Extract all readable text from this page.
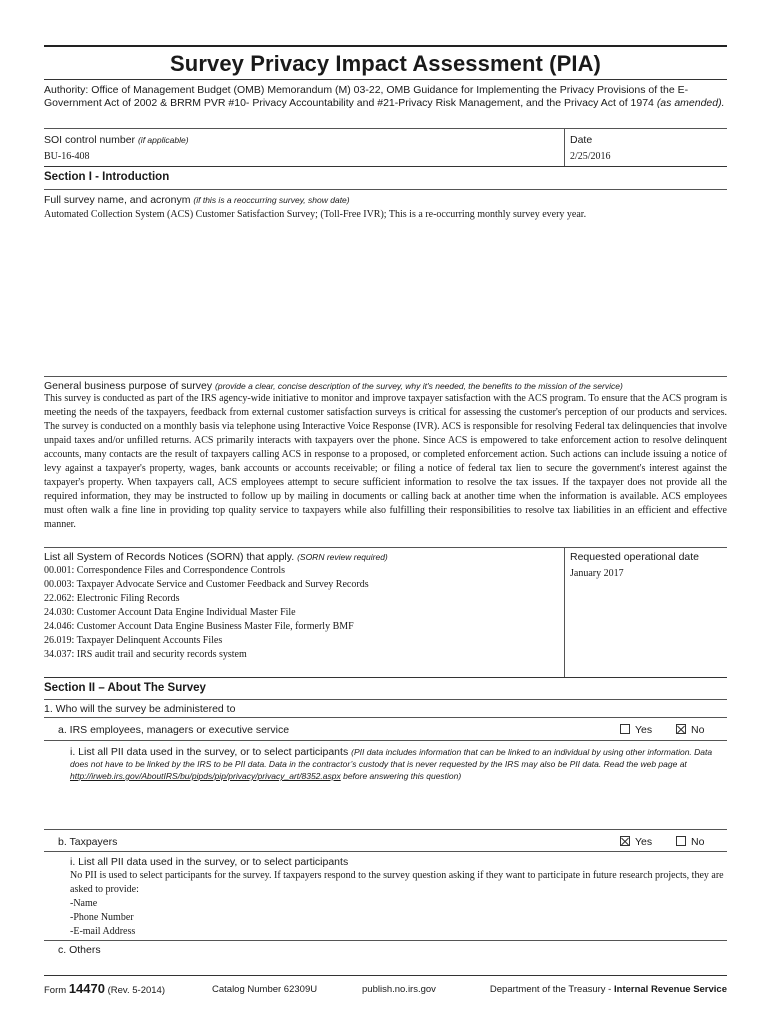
Survey Privacy Impact Assessment (PIA)
Authority: Office of Management Budget (OMB) Memorandum (M) 03-22, OMB Guidance for Implementing the Privacy Provisions of the E-Government Act of 2002 & BRRM PVR #10- Privacy Accountability and #21-Privacy Risk Management, and the Privacy Act of 1974 (as amended).
SOI control number (if applicable)
BU-16-408
Date
2/25/2016
Section I - Introduction
Full survey name, and acronym (if this is a reoccurring survey, show date)
Automated Collection System (ACS) Customer Satisfaction Survey; (Toll-Free IVR); This is a re-occurring monthly survey every year.
General business purpose of survey (provide a clear, concise description of the survey, why it's needed, the benefits to the mission of the service)
This survey is conducted as part of the IRS agency-wide initiative to monitor and improve taxpayer satisfaction with the ACS program. To ensure that the ACS program is meeting the needs of the taxpayers, feedback from external customer satisfaction surveys is critical for assessing the customer's perception of our products and services. The survey is conducted on a monthly basis via telephone using Interactive Voice Response (IVR). ACS is responsible for resolving Federal tax delinquencies that involve unpaid taxes and/or unfilled returns. ACS primarily interacts with taxpayers over the phone. Since ACS is empowered to take enforcement action to resolve delinquent accounts, many contacts are the result of taxpayers calling ACS in response to a proposed, or completed enforcement action. Such actions can include issuing a notice of levy against a taxpayer's property, wages, bank accounts or accounts receivable; or filing a notice of federal tax lien to secure the government's interest against the taxpayer's property. When taxpayers call, ACS employees attempt to secure sufficient information to resolve the tax issues. If the taxpayer does not provide all the required information, they may be instructed to follow up by mailing in documents or calling back at another time when the information is available. ACS employees must often walk a fine line in providing top quality service to taxpayers while also fulfilling their responsibilities to resolve tax liabilities in an efficient and effective manner.
List all System of Records Notices (SORN) that apply. (SORN review required)
00.001: Correspondence Files and Correspondence Controls
00.003: Taxpayer Advocate Service and Customer Feedback and Survey Records
22.062: Electronic Filing Records
24.030: Customer Account Data Engine Individual Master File
24.046: Customer Account Data Engine Business Master File, formerly BMF
26.019: Taxpayer Delinquent Accounts Files
34.037: IRS audit trail and security records system
Requested operational date
January 2017
Section II – About The Survey
1. Who will the survey be administered to
a. IRS employees, managers or executive service	Yes	No
i. List all PII data used in the survey, or to select participants (PII data includes information that can be linked to an individual by using other information. Data does not have to be linked by the IRS to be PII data. Data in the contractor’s custody that is never requested by the IRS may also be PII data. Read the web page at http://irweb.irs.gov/AboutIRS/bu/pipds/pip/privacy/privacy_art/8352.aspx before answering this question)
b. Taxpayers	Yes	No
i. List all PII data used in the survey, or to select participants
No PII is used to select participants for the survey. If taxpayers respond to the survey question asking if they want to participate in future research projects, they are asked to provide:
-Name
-Phone Number
-E-mail Address
c. Others
Form 14470 (Rev. 5-2014)	Catalog Number 62309U	publish.no.irs.gov	Department of the Treasury - Internal Revenue Service
